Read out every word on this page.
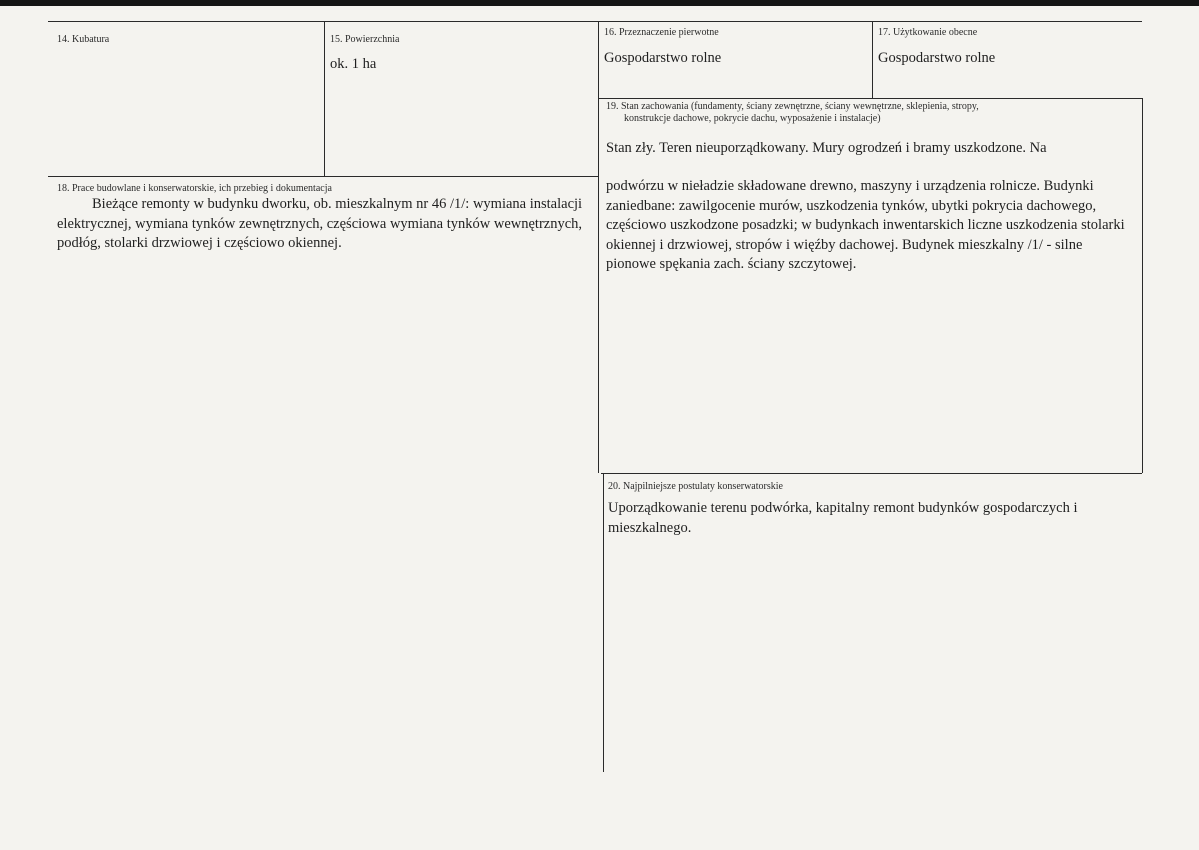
14. Kubatura	15. Powierzchnia
ok. 1 ha
16. Przeznaczenie pierwotne
Gospodarstwo rolne
17. Użytkowanie obecne
Gospodarstwo rolne
18. Prace budowlane i konserwatorskie, ich przebieg i dokumentacja
Bieżące remonty w budynku dworku, ob. mieszkalnym nr 46 /1/: wymiana instalacji elektrycznej, wymiana tynków zewnętrznych, częściowa wymiana tynków wewnętrznych, podłóg, stolarki drzwiowej i częściowo okiennej.
19. Stan zachowania (fundamenty, ściany zewnętrzne, ściany wewnętrzne, sklepienia, stropy,
konstrukcje dachowe, pokrycie dachu, wyposażenie i instalacje)
Stan zły. Teren nieuporządkowany. Mury ogrodzeń i bramy uszkodzone. Na
podwórzu w nieładzie składowane drewno, maszyny i urządzenia rolnicze. Budynki zaniedbane: zawilgocenie murów, uszkodzenia tynków, ubytki pokrycia dachowego, częściowo uszkodzone posadzki; w budynkach inwentarskich liczne uszkodzenia stolarki okiennej i drzwiowej, stropów i więźby dachowej. Budynek mieszkalny /1/ - silne pionowe spękania zach. ściany szczytowej.
20. Najpilniejsze postulaty konserwatorskie
Uporządkowanie terenu podwórka, kapitalny remont budynków gospodarczych i mieszkalnego.
